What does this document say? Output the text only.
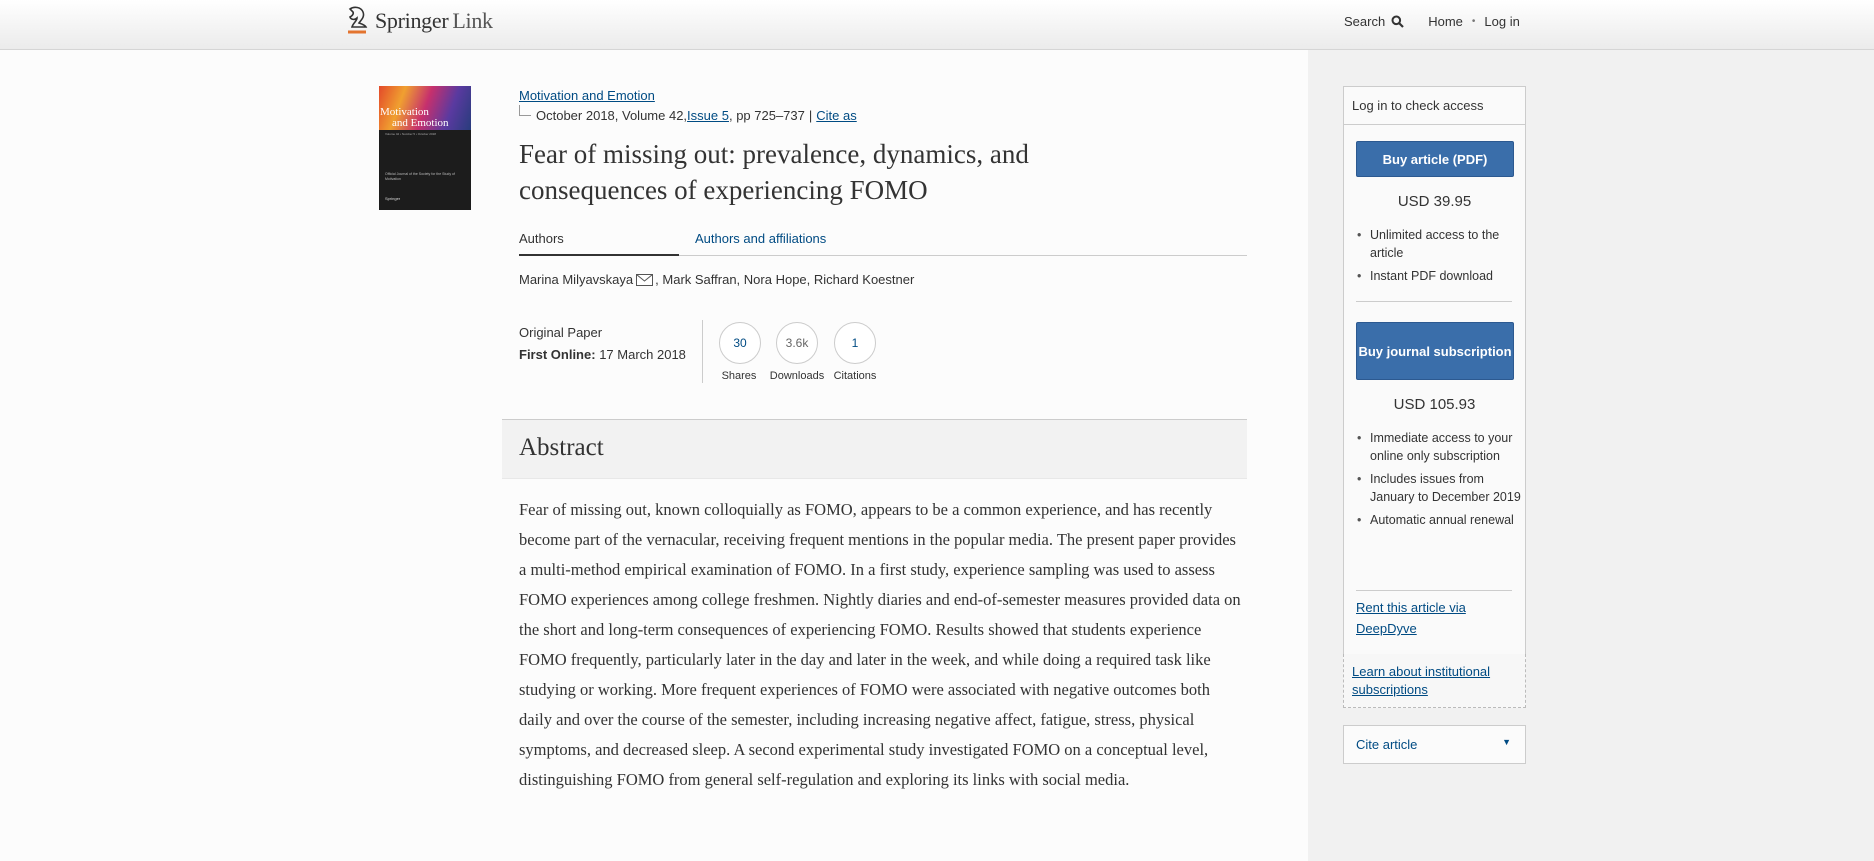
Springer Link	Search	Home • Log in
Motivation
and Emotion
Volume 42 • Number 5 • October 2018
Official Journal of the Society for the Study of Motivation
Springer
Motivation and Emotion
October 2018, Volume 42, Issue 5 , pp 725–737 | Cite as
Fear of missing out: prevalence, dynamics, and consequences of experiencing FOMO
Authors	Authors and affiliations
Marina Milyavskaya , Mark Saffran, Nora Hope, Richard Koestner
Original Paper
First Online: 17 March 2018
30
Shares
3.6k
Downloads
1
Citations
Abstract

Fear of missing out, known colloquially as FOMO, appears to be a common experience, and has recently become part of the vernacular, receiving frequent mentions in the popular media. The present paper provides a multi-method empirical examination of FOMO. In a first study, experience sampling was used to assess FOMO experiences among college freshmen. Nightly diaries and end-of-semester measures provided data on the short and long-term consequences of experiencing FOMO. Results showed that students experience FOMO frequently, particularly later in the day and later in the week, and while doing a required task like studying or working. More frequent experiences of FOMO were associated with negative outcomes both daily and over the course of the semester, including increasing negative affect, fatigue, stress, physical symptoms, and decreased sleep. A second experimental study investigated FOMO on a conceptual level, distinguishing FOMO from general self-regulation and exploring its links with social media.

Log in to check access
Buy article (PDF)
USD 39.95
• Unlimited access to the article
• Instant PDF download
Buy journal subscription
USD 105.93
• Immediate access to your online only subscription
• Includes issues from January to December 2019
• Automatic annual renewal
Rent this article via DeepDyve
Learn about institutional subscriptions
Cite article	▼
